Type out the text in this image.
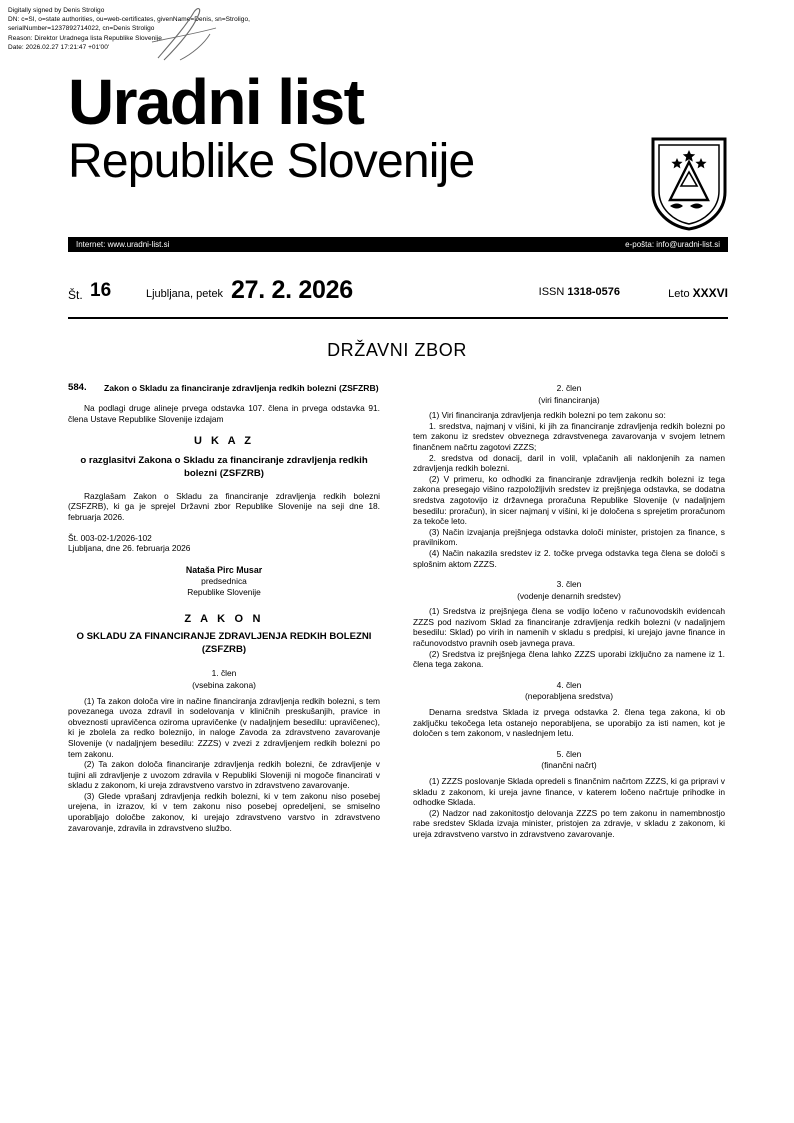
Digitally signed by Denis Stroligo
DN: c=SI, o=state authorities, ou=web-certificates, givenName=Denis, sn=Stroligo,
serialNumber=1237892714022, cn=Denis Stroligo
Reason: Direktor Uradnega lista Republike Slovenije
Date: 2026.02.27 17:21:47 +01'00'
Uradni list
Republike Slovenije
Internet: www.uradni-list.si	e-pošta: info@uradni-list.si
Št. 16	Ljubljana, petek 27. 2. 2026	ISSN 1318-0576	Leto XXXVI
DRŽAVNI ZBOR
584.	Zakon o Skladu za financiranje zdravljenja redkih bolezni (ZSFZRB)

Na podlagi druge alineje prvega odstavka 107. člena in prvega odstavka 91. člena Ustave Republike Slovenije izdajam

U K A Z
o razglasitvi Zakona o Skladu za financiranje zdravljenja redkih bolezni (ZSFZRB)

Razglašam Zakon o Skladu za financiranje zdravljenja redkih bolezni (ZSFZRB), ki ga je sprejel Državni zbor Republike Slovenije na seji dne 18. februarja 2026.

Št. 003-02-1/2026-102
Ljubljana, dne 26. februarja 2026
Nataša Pirc Musar
predsednica
Republike Slovenije
Z A K O N
O SKLADU ZA FINANCIRANJE ZDRAVLJENJA REDKIH BOLEZNI (ZSFZRB)
1. člen
(vsebina zakona)

(1) Ta zakon določa vire in načine financiranja zdravljenja redkih bolezni, s tem povezanega uvoza zdravil in sodelovanja v kliničnih preskušanjih, pravice in obveznosti upravičenca oziroma upravičenke (v nadaljnjem besedilu: upravičenec), ki je zbolela za redko boleznijo, in naloge Zavoda za zdravstveno zavarovanje Slovenije (v nadaljnjem besedilu: ZZZS) v zvezi z zdravljenjem redkih bolezni po tem zakonu.

(2) Ta zakon določa financiranje zdravljenja redkih bolezni, če zdravljenje v tujini ali zdravljenje z uvozom zdravila v Republiki Sloveniji ni mogoče financirati v skladu z zakonom, ki ureja zdravstveno varstvo in zdravstveno zavarovanje.

(3) Glede vprašanj zdravljenja redkih bolezni, ki v tem zakonu niso posebej urejena, in izrazov, ki v tem zakonu niso posebej opredeljeni, se smiselno uporabljajo določbe zakonov, ki urejajo zdravstveno varstvo in zdravstveno zavarovanje, zdravila in zdravstveno službo.

2. člen
(viri financiranja)

(1) Viri financiranja zdravljenja redkih bolezni po tem zakonu so:

1. sredstva, najmanj v višini, ki jih za financiranje zdravljenja redkih bolezni po tem zakonu iz sredstev obveznega zdravstvenega zavarovanja v svojem letnem finančnem načrtu zagotovi ZZZS;

2. sredstva od donacij, daril in volil, vplačanih ali naklonjenih za namen zdravljenja redkih bolezni.

(2) V primeru, ko odhodki za financiranje zdravljenja redkih bolezni iz tega zakona presegajo višino razpoložljivih sredstev iz prejšnjega odstavka, se dodatna sredstva zagotovijo iz državnega proračuna Republike Slovenije (v nadaljnjem besedilu: proračun), in sicer najmanj v višini, ki je določena s sprejetim proračunom za tekoče leto.

(3) Način izvajanja prejšnjega odstavka določi minister, pristojen za finance, s pravilnikom.

(4) Način nakazila sredstev iz 2. točke prvega odstavka tega člena se določi s splošnim aktom ZZZS.

3. člen
(vodenje denarnih sredstev)

(1) Sredstva iz prejšnjega člena se vodijo ločeno v računovodskih evidencah ZZZS pod nazivom Sklad za financiranje zdravljenja redkih bolezni (v nadaljnjem besedilu: Sklad) po virih in namenih v skladu s predpisi, ki urejajo javne finance in računovodstvo pravnih oseb javnega prava.

(2) Sredstva iz prejšnjega člena lahko ZZZS uporabi izključno za namene iz 1. člena tega zakona.

4. člen
(neporabljena sredstva)

Denarna sredstva Sklada iz prvega odstavka 2. člena tega zakona, ki ob zaključku tekočega leta ostanejo neporabljena, se uporabijo za isti namen, kot je določen s tem zakonom, v naslednjem letu.

5. člen
(finančni načrt)

(1) ZZZS poslovanje Sklada opredeli s finančnim načrtom ZZZS, ki ga pripravi v skladu z zakonom, ki ureja javne finance, v katerem ločeno načrtuje prihodke in odhodke Sklada.

(2) Nadzor nad zakonitostjo delovanja ZZZS po tem zakonu in namembnostjo rabe sredstev Sklada izvaja minister, pristojen za zdravje, v skladu z zakonom, ki ureja zdravstveno varstvo in zdravstveno zavarovanje.
